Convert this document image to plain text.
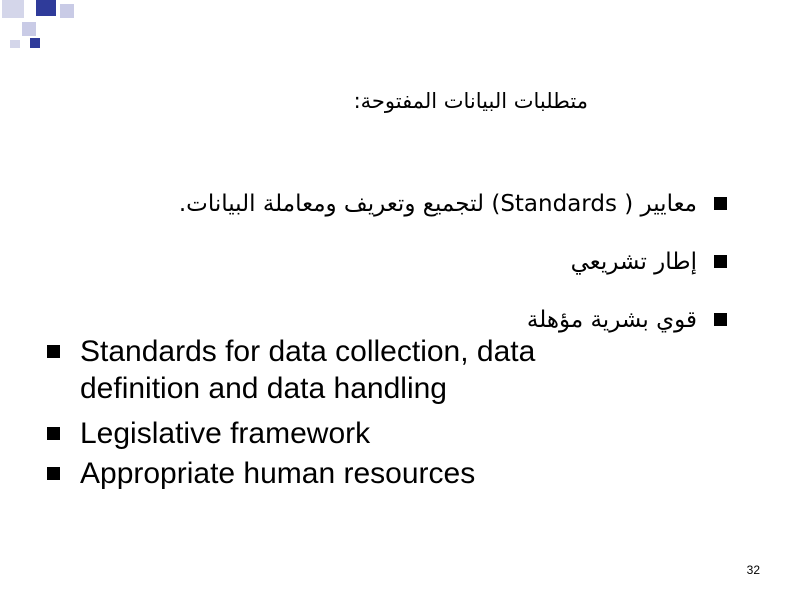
متطلبات البيانات المفتوحة:
معايير ( Standards) لتجميع وتعريف ومعاملة البيانات.
إطار تشريعي
قوي بشرية مؤهلة
Standards for data collection, data definition and data handling
Legislative framework
Appropriate human resources
32
